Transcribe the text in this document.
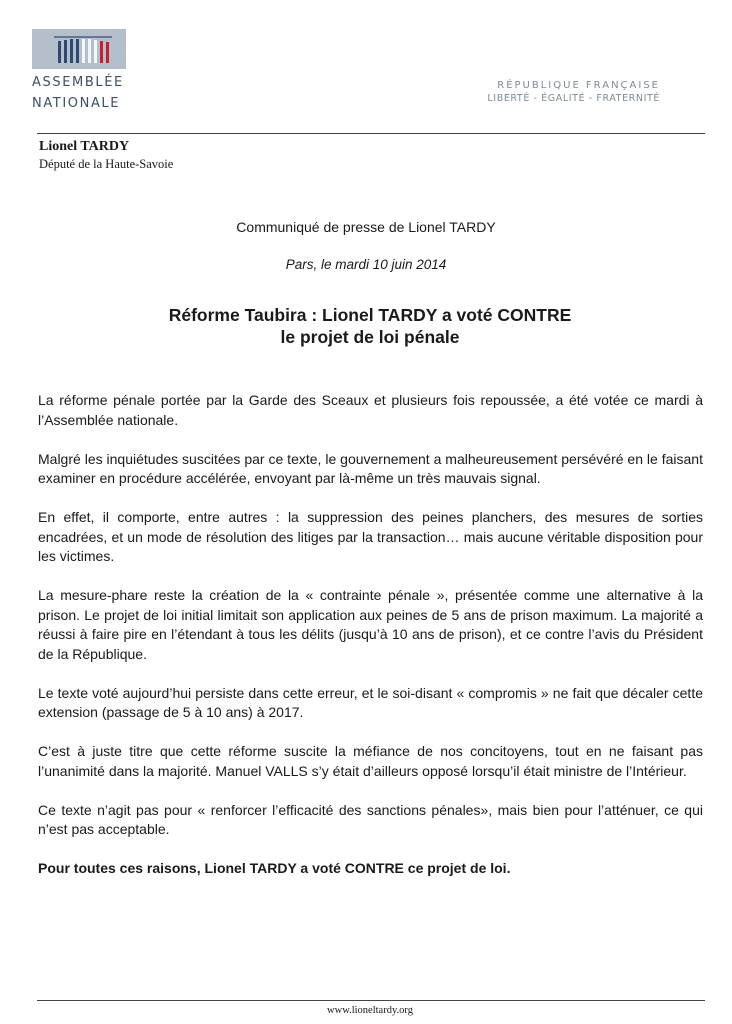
ASSEMBLÉE
NATIONALE
RÉPUBLIQUE FRANÇAISE
LIBERTÉ - ÉGALITÉ - FRATERNITÉ
Lionel TARDY
Député de la Haute-Savoie
Communiqué de presse de Lionel TARDY
Pars, le mardi 10 juin 2014
Réforme Taubira : Lionel TARDY a voté CONTRE
le projet de loi pénale

La réforme pénale portée par la Garde des Sceaux et plusieurs fois repoussée, a été votée ce mardi à l’Assemblée nationale.

Malgré les inquiétudes suscitées par ce texte, le gouvernement a malheureusement persévéré en le faisant examiner en procédure accélérée, envoyant par là-même un très mauvais signal.

En effet, il comporte, entre autres : la suppression des peines planchers, des mesures de sorties encadrées, et un mode de résolution des litiges par la transaction… mais aucune véritable disposition pour les victimes.

La mesure-phare reste la création de la « contrainte pénale », présentée comme une alternative à la prison. Le projet de loi initial limitait son application aux peines de 5 ans de prison maximum. La majorité a réussi à faire pire en l’étendant à tous les délits (jusqu’à 10 ans de prison), et ce contre l’avis du Président de la République.

Le texte voté aujourd’hui persiste dans cette erreur, et le soi-disant « compromis » ne fait que décaler cette extension (passage de 5 à 10 ans) à 2017.

C’est à juste titre que cette réforme suscite la méfiance de nos concitoyens, tout en ne faisant pas l’unanimité dans la majorité. Manuel VALLS s’y était d’ailleurs opposé lorsqu’il était ministre de l’Intérieur.

Ce texte n’agit pas pour « renforcer l’efficacité des sanctions pénales», mais bien pour l’atténuer, ce qui n’est pas acceptable.

Pour toutes ces raisons, Lionel TARDY a voté CONTRE ce projet de loi.

www.lioneltardy.org
